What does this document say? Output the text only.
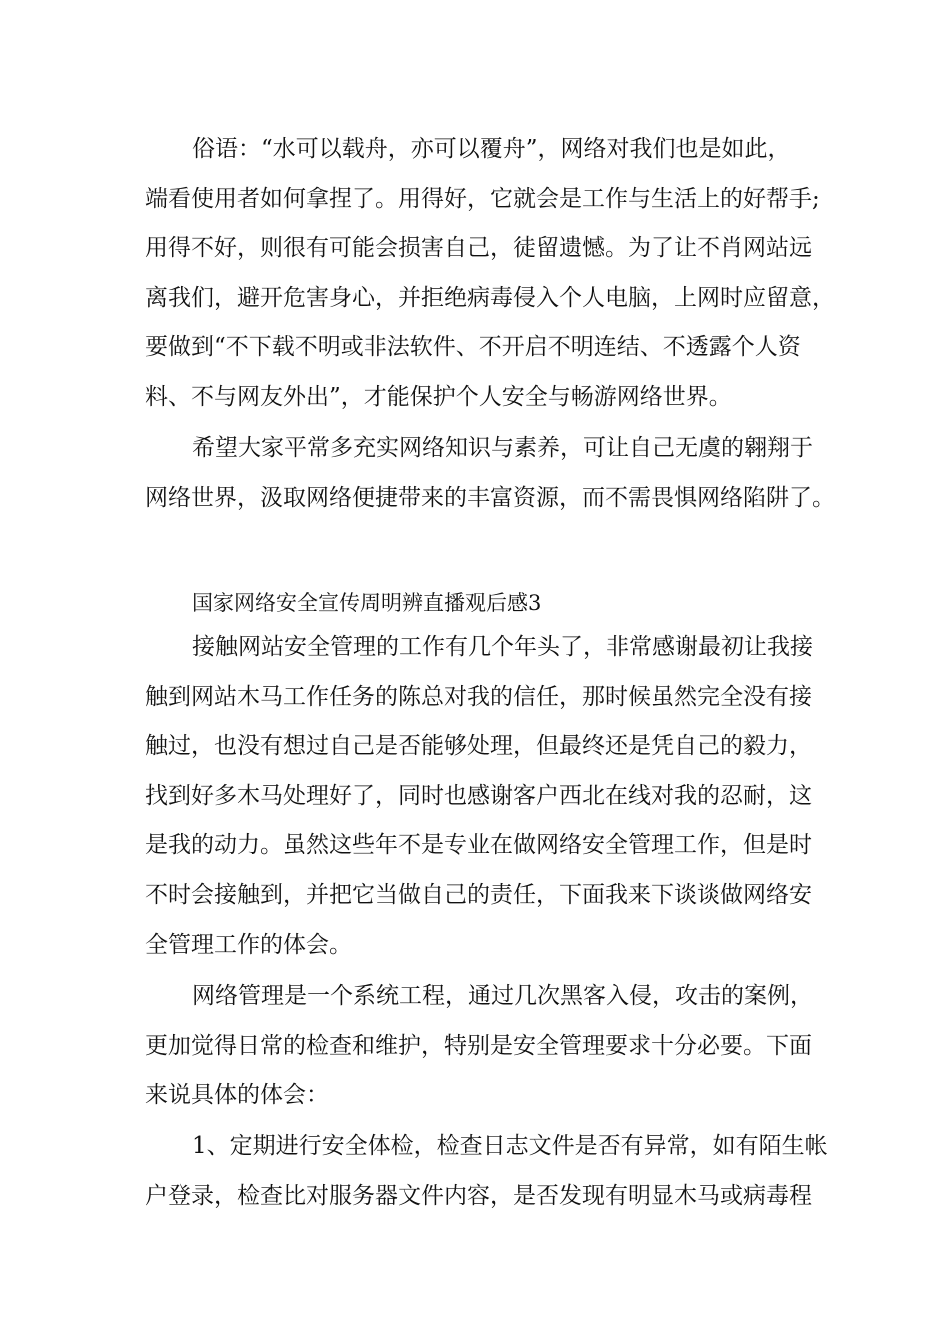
俗语：“水可以载舟，亦可以覆舟”，网络对我们也是如此，
端看使用者如何拿捏了。用得好，它就会是工作与生活上的好帮手;
用得不好，则很有可能会损害自己，徒留遗憾。为了让不肖网站远
离我们，避开危害身心，并拒绝病毒侵入个人电脑，上网时应留意，
要做到“不下载不明或非法软件、不开启不明连结、不透露个人资
料、不与网友外出”，才能保护个人安全与畅游网络世界。
希望大家平常多充实网络知识与素养，可让自己无虞的翱翔于
网络世界，汲取网络便捷带来的丰富资源，而不需畏惧网络陷阱了。
国家网络安全宣传周明辨直播观后感3
接触网站安全管理的工作有几个年头了，非常感谢最初让我接
触到网站木马工作任务的陈总对我的信任，那时候虽然完全没有接
触过，也没有想过自己是否能够处理，但最终还是凭自己的毅力，
找到好多木马处理好了，同时也感谢客户西北在线对我的忍耐，这
是我的动力。虽然这些年不是专业在做网络安全管理工作，但是时
不时会接触到，并把它当做自己的责任，下面我来下谈谈做网络安
全管理工作的体会。
网络管理是一个系统工程，通过几次黑客入侵，攻击的案例，
更加觉得日常的检查和维护，特别是安全管理要求十分必要。下面
来说具体的体会：
1、定期进行安全体检，检查日志文件是否有异常，如有陌生帐
户登录，检查比对服务器文件内容，是否发现有明显木马或病毒程
